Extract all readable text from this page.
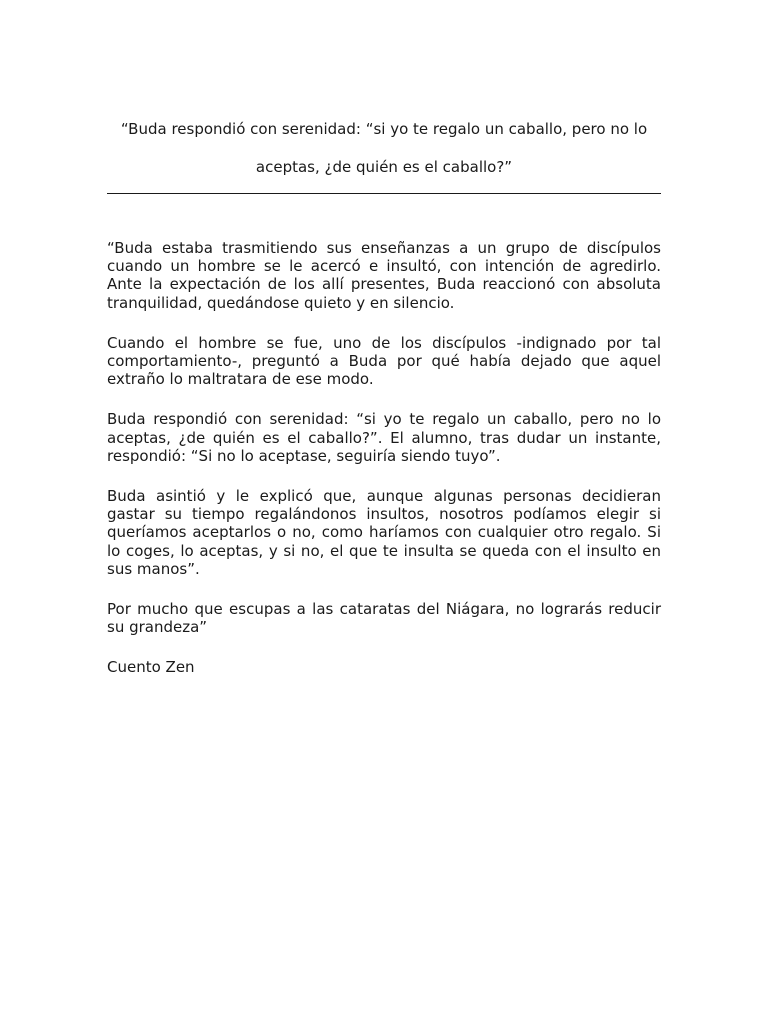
“Buda respondió con serenidad: “si yo te regalo un caballo, pero no lo
aceptas, ¿de quién es el caballo?”

“Buda estaba trasmitiendo sus enseñanzas a un grupo de discípulos cuando un hombre se le acercó e insultó, con intención de agredirlo. Ante la expectación de los allí presentes, Buda reaccionó con absoluta tranquilidad, quedándose quieto y en silencio.

Cuando el hombre se fue, uno de los discípulos -indignado por tal comportamiento-, preguntó a Buda por qué había dejado que aquel extraño lo maltratara de ese modo.

Buda respondió con serenidad: “si yo te regalo un caballo, pero no lo aceptas, ¿de quién es el caballo?”. El alumno, tras dudar un instante, respondió: “Si no lo aceptase, seguiría siendo tuyo”.

Buda asintió y le explicó que, aunque algunas personas decidieran gastar su tiempo regalándonos insultos, nosotros podíamos elegir si queríamos aceptarlos o no, como haríamos con cualquier otro regalo. Si lo coges, lo aceptas, y si no, el que te insulta se queda con el insulto en sus manos”.

Por mucho que escupas a las cataratas del Niágara, no lograrás reducir su grandeza”

Cuento Zen
